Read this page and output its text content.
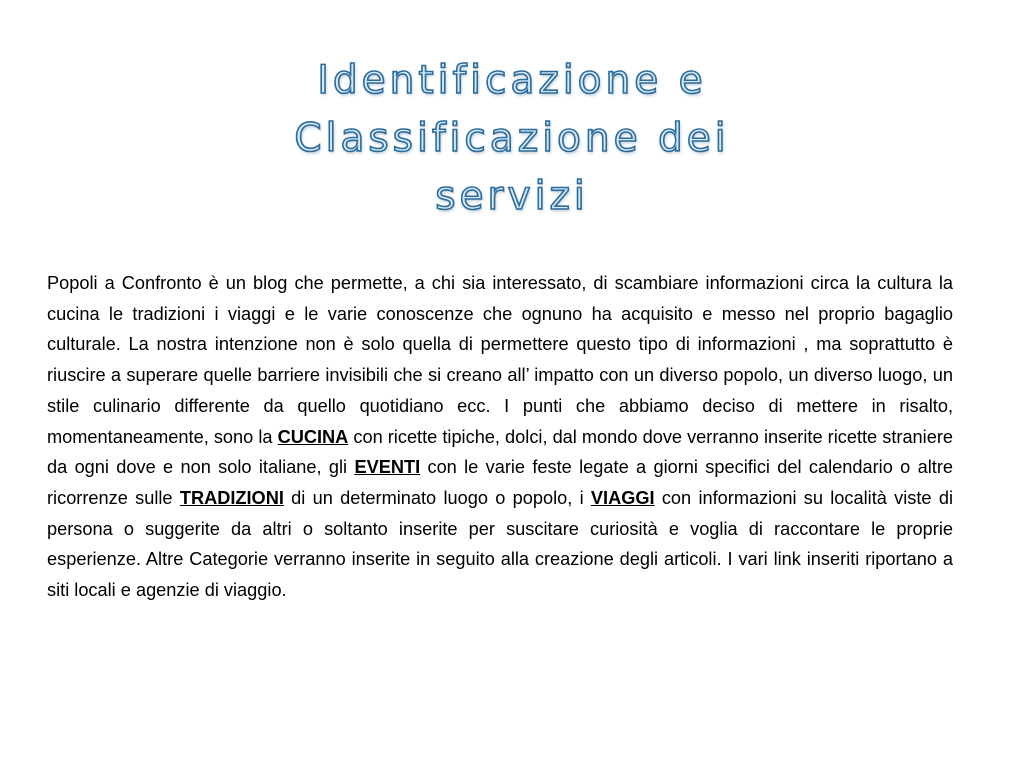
Identificazione e
Classificazione dei
servizi

Popoli a Confronto è un blog che permette, a chi sia interessato, di scambiare informazioni circa la cultura la cucina le tradizioni i viaggi e le varie conoscenze che ognuno ha acquisito e messo nel proprio bagaglio culturale. La nostra intenzione non è solo quella di permettere questo tipo di informazioni , ma soprattutto è riuscire a superare quelle barriere invisibili che si creano all’ impatto con un diverso popolo, un diverso luogo, un stile culinario differente da quello quotidiano ecc. I punti che abbiamo deciso di mettere in risalto, momentaneamente, sono la CUCINA con ricette tipiche, dolci, dal mondo dove verranno inserite ricette straniere da ogni dove e non solo italiane, gli EVENTI con le varie feste legate a giorni specifici del calendario o altre ricorrenze sulle TRADIZIONI di un determinato luogo o popolo, i VIAGGI con informazioni su località viste di persona o suggerite da altri o soltanto inserite per suscitare curiosità e voglia di raccontare le proprie esperienze. Altre Categorie verranno inserite in seguito alla creazione degli articoli. I vari link inseriti riportano a siti locali e agenzie di viaggio.
